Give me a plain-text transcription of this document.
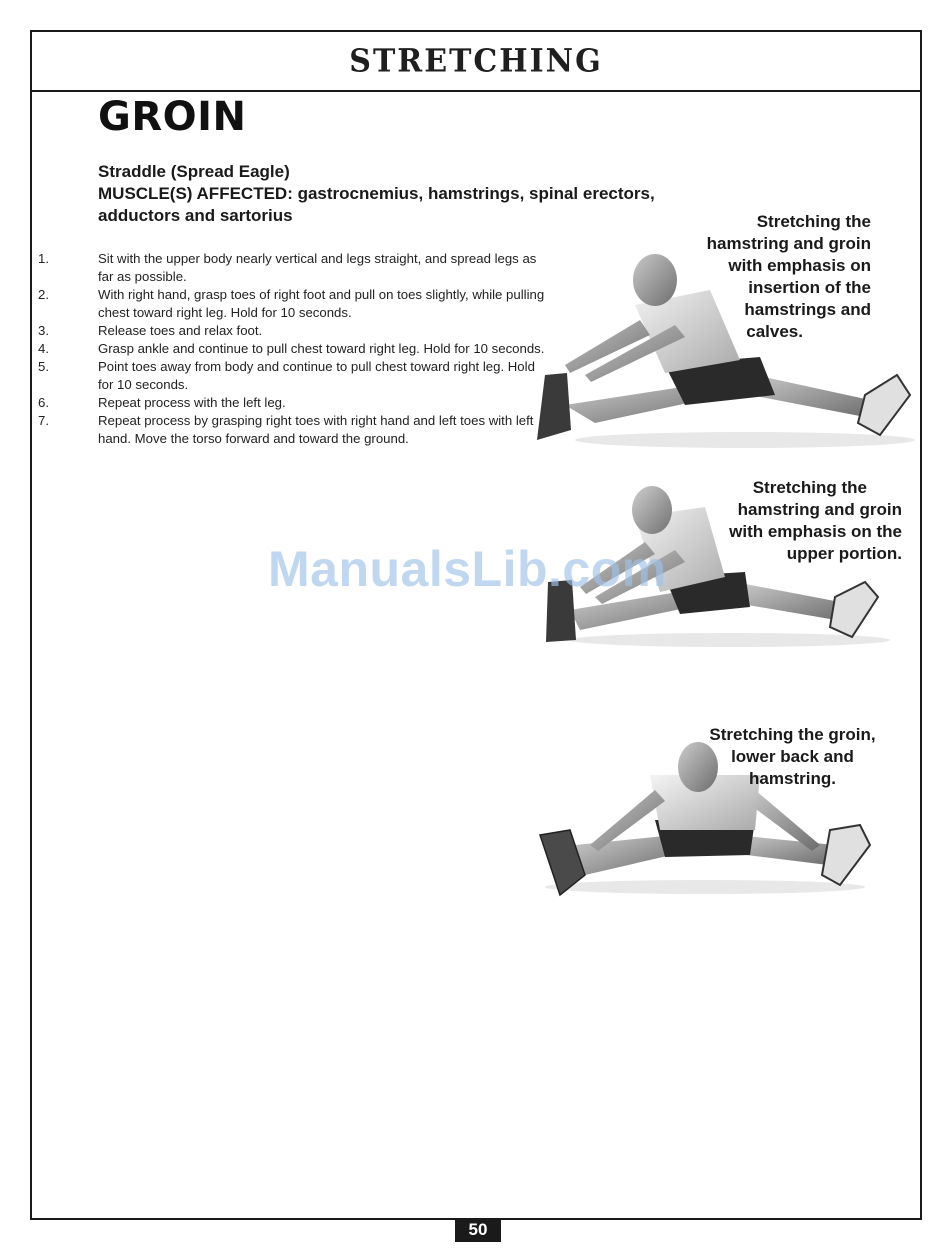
STRETCHING
GROIN
Straddle (Spread Eagle)
MUSCLE(S) AFFECTED: gastrocnemius, hamstrings, spinal erectors,
adductors and sartorius
1.	Sit with the upper body nearly vertical and legs straight, and spread legs as far as possible.
2.	With right hand, grasp toes of right foot and pull on toes slightly, while pulling chest toward right leg. Hold for 10 seconds.
3.	Release toes and relax foot.
4.	Grasp ankle and continue to pull chest toward right leg. Hold for 10 seconds.
5.	Point toes away from body and continue to pull chest toward right leg. Hold for 10 seconds.
6.	Repeat process with the left leg.
7.	Repeat process by grasping right toes with right hand and left toes with left hand. Move the torso forward and toward the ground.
Stretching the
hamstring and groin
with emphasis on
insertion of the
hamstrings and
calves.
Stretching the
hamstring and groin
with emphasis on the
upper portion.
Stretching the groin,
lower back and
hamstring.
ManualsLib.com
50
